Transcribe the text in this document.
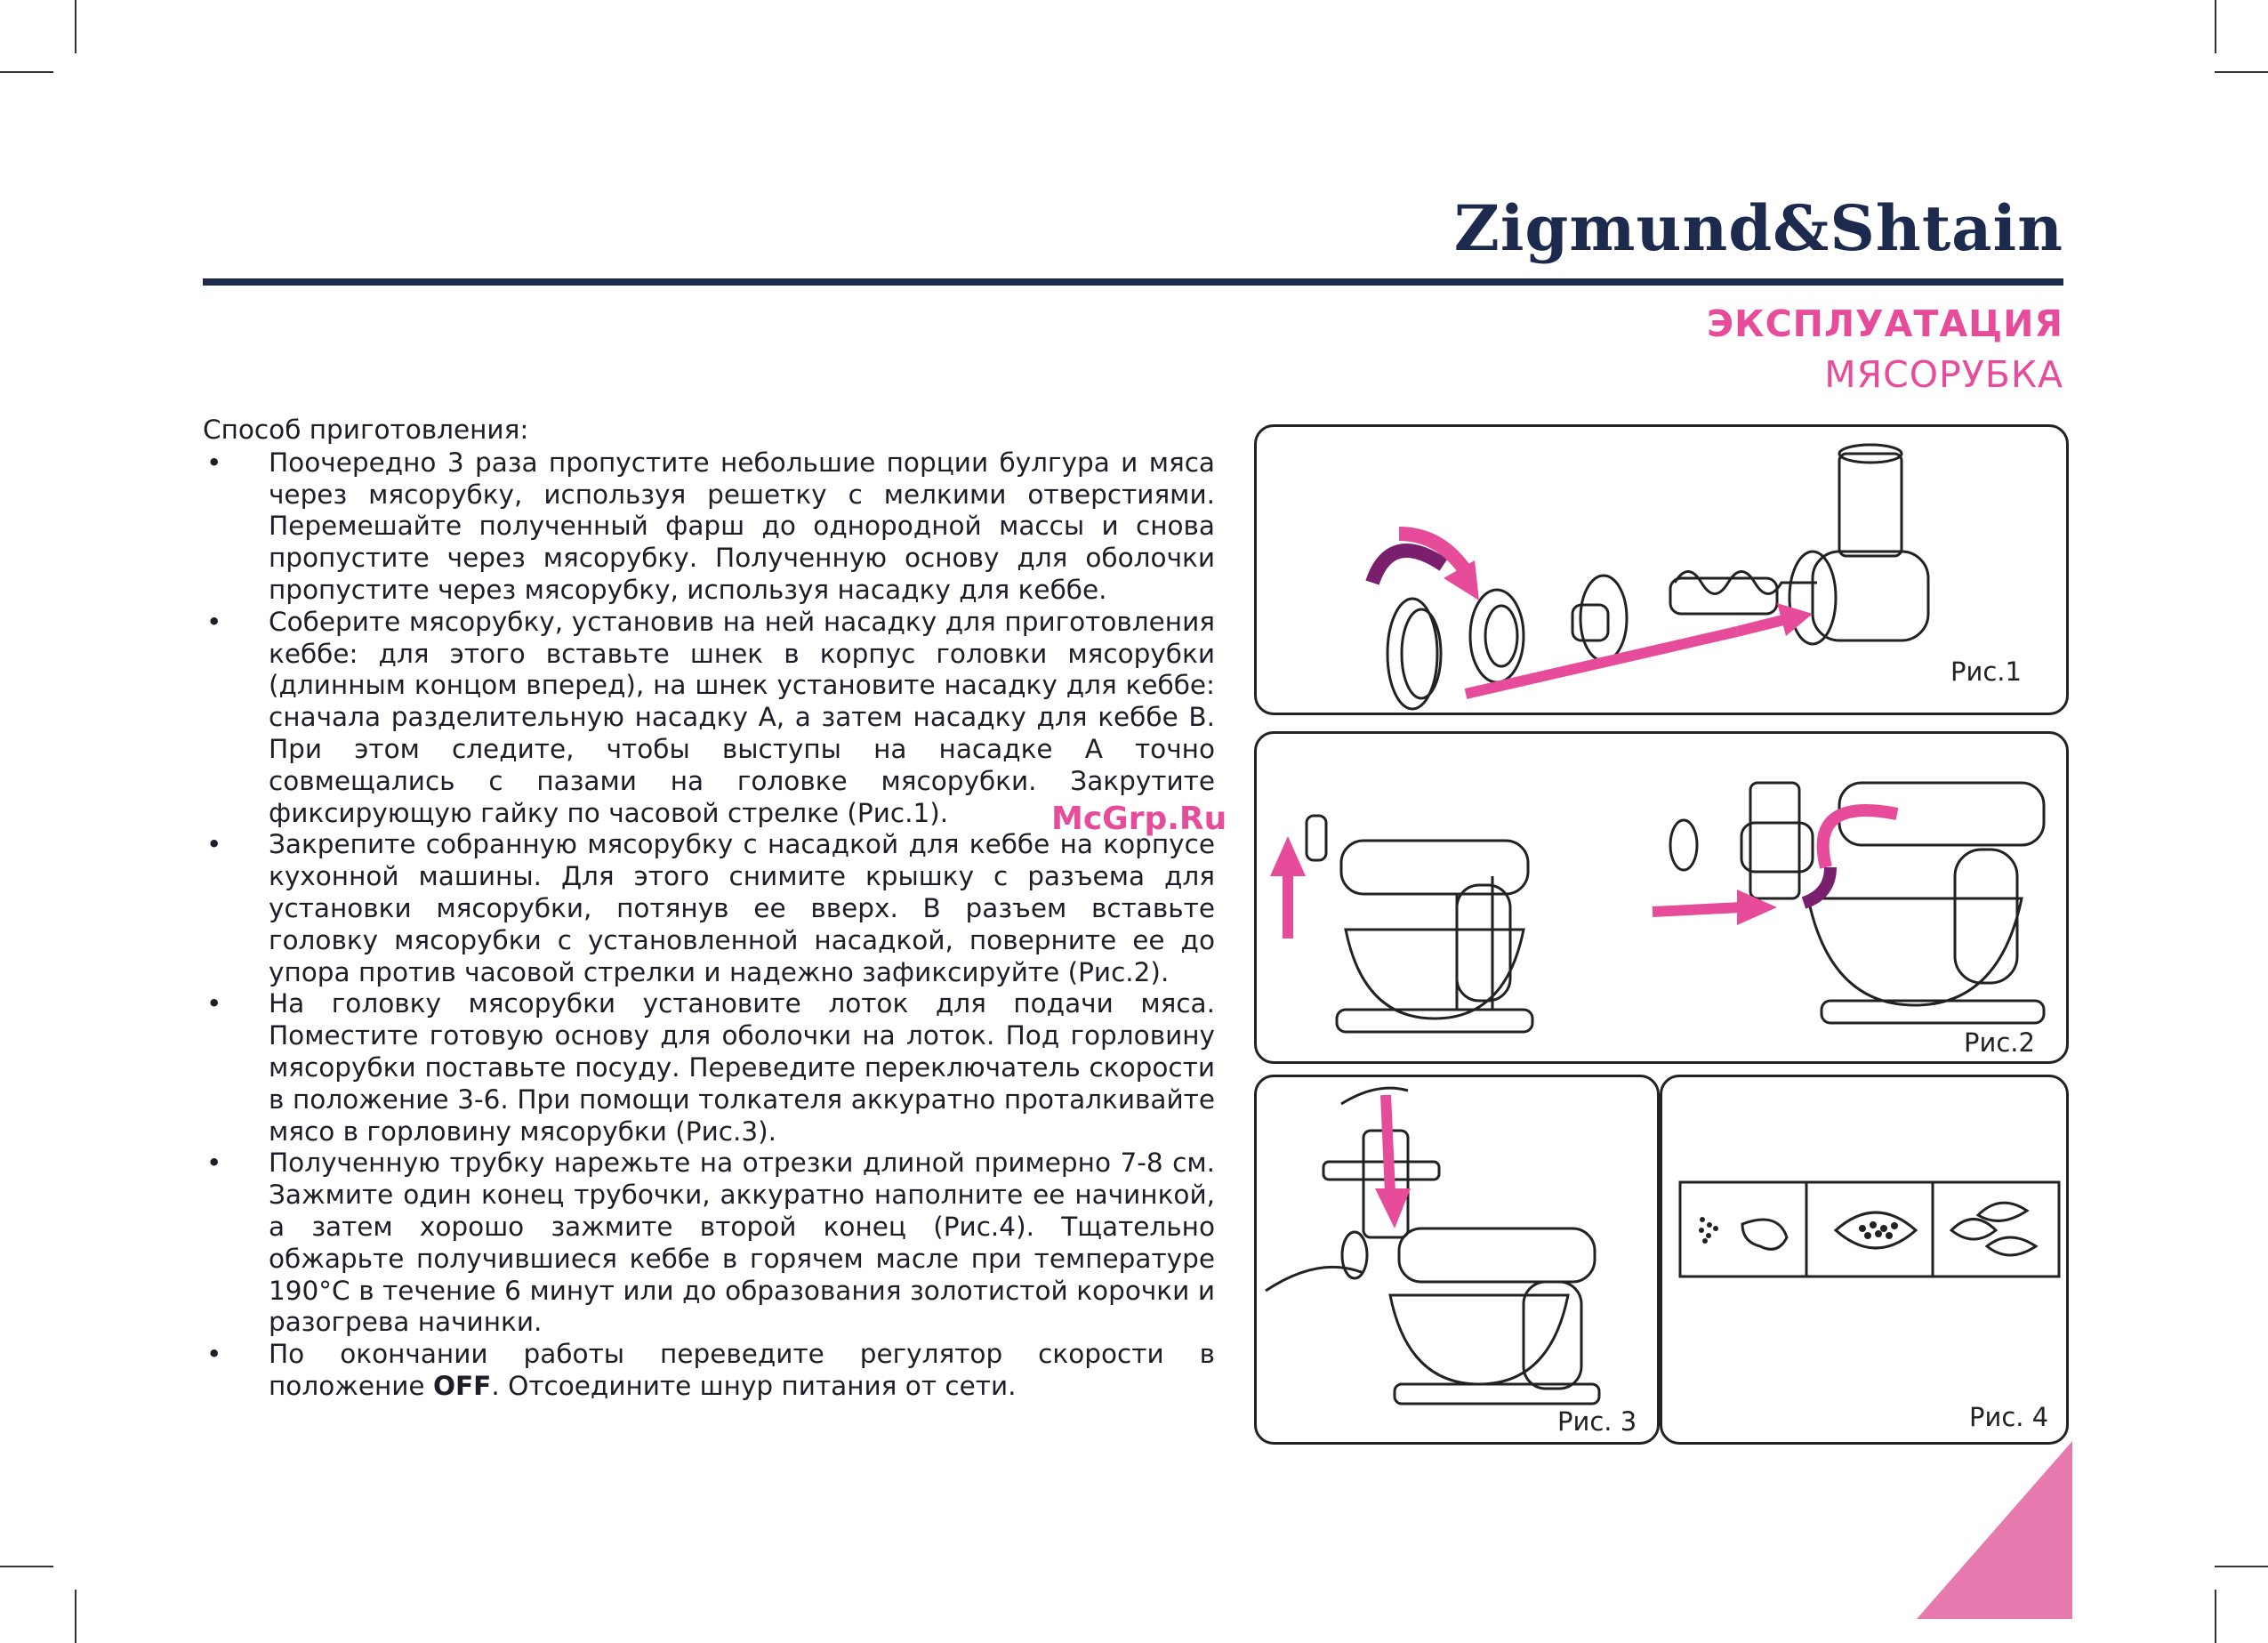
Zigmund&Shtain
ЭКСПЛУАТАЦИЯ
МЯСОРУБКА

Способ приготовления:

• Поочередно 3 раза пропустите небольшие порции булгура и мяса через мясорубку, используя решетку с мелкими отверстиями. Перемешайте полученный фарш до однородной массы и снова пропустите через мясорубку. Полученную основу для оболочки пропустите через мясорубку, используя насадку для кеббе.
• Соберите мясорубку, установив на ней насадку для приготовления кеббе: для этого вставьте шнек в корпус головки мясорубки (длинным концом вперед), на шнек установите насадку для кеббе: сначала разделительную насадку А, а затем насадку для кеббе В. При этом следите, чтобы выступы на насадке А точно совмещались с пазами на головке мясорубки. Закрутите фиксирующую гайку по часовой стрелке (Рис.1).
• Закрепите собранную мясорубку с насадкой для кеббе на корпусе кухонной машины. Для этого снимите крышку с разъема для установки мясорубки, потянув ее вверх. В разъем вставьте головку мясорубки с установленной насадкой, поверните ее до упора против часовой стрелки и надежно зафиксируйте (Рис.2).
• На головку мясорубки установите лоток для подачи мяса. Поместите готовую основу для оболочки на лоток. Под горловину мясорубки поставьте посуду. Переведите переключатель скорости в положение 3-6. При помощи толкателя аккуратно проталкивайте мясо в горловину мясорубки (Рис.3).
• Полученную трубку нарежьте на отрезки длиной примерно 7-8 см. Зажмите один конец трубочки, аккуратно наполните ее начинкой, а затем хорошо зажмите второй конец (Рис.4). Тщательно обжарьте получившиеся кеббе в горячем масле при температуре 190°C в течение 6 минут или до образования золотистой корочки и разогрева начинки.
• По окончании работы переведите регулятор скорости в положение OFF. Отсоедините шнур питания от сети.
McGrp.Ru
Рис.1
Рис.2
Рис. 3	Рис. 4
